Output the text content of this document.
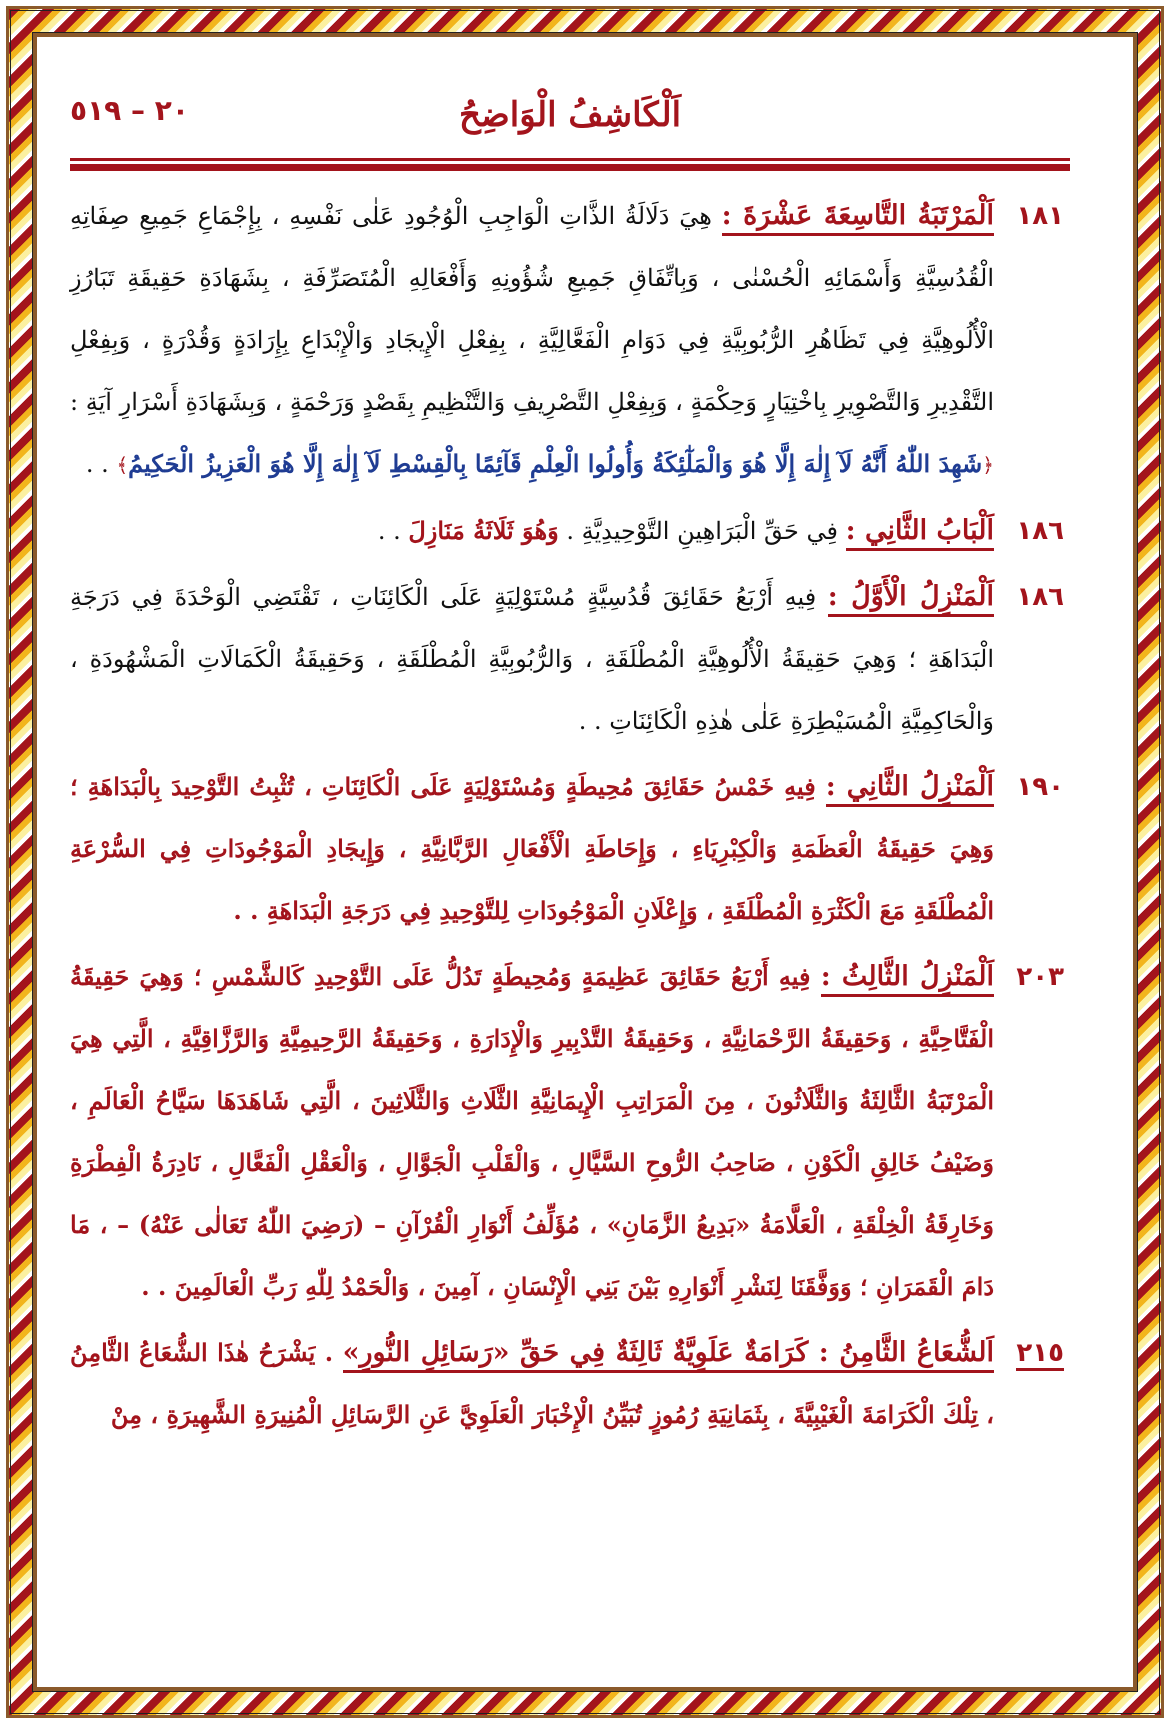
اَلْكَاشِفُ الْوَاضِحُ
٢٠ – ٥١٩
١٨١
اَلْمَرْتَبَةُ التَّاسِعَةَ عَشْرَةَ : هِيَ دَلَالَةُ الذَّاتِ الْوَاجِبِ الْوُجُودِ عَلٰى نَفْسِهِ ، بِإِجْمَاعِ جَمِيعِ صِفَاتِهِ الْقُدُسِيَّةِ وَأَسْمَائِهِ الْحُسْنٰى ، وَبِاتِّفَاقِ جَمِيعِ شُؤُونِهِ وَأَفْعَالِهِ الْمُتَصَرِّفَةِ ، بِشَهَادَةِ حَقِيقَةِ تَبَارُزِ الْأُلُوهِيَّةِ فِي تَظَاهُرِ الرُّبُوبِيَّةِ فِي دَوَامِ الْفَعَّالِيَّةِ ، بِفِعْلِ الْإِيجَادِ وَالْإِبْدَاعِ بِإِرَادَةٍ وَقُدْرَةٍ ، وَبِفِعْلِ التَّقْدِيرِ وَالتَّصْوِيرِ بِاخْتِيَارٍ وَحِكْمَةٍ ، وَبِفِعْلِ التَّصْرِيفِ وَالتَّنْظِيمِ بِقَصْدٍ وَرَحْمَةٍ ، وَبِشَهَادَةِ أَسْرَارِ آيَةِ : ﴿شَهِدَ اللّٰهُ أَنَّهُ لَآ إِلٰهَ إِلَّا هُوَ وَالْمَلٰٓئِكَةُ وَأُولُوا الْعِلْمِ قَآئِمًا بِالْقِسْطِ لَآ إِلٰهَ إِلَّا هُوَ الْعَزِيزُ الْحَكِيمُ﴾ . .
١٨٦
اَلْبَابُ الثَّانِي : فِي حَقِّ الْبَرَاهِينِ التَّوْحِيدِيَّةِ . وَهُوَ ثَلَاثَةُ مَنَازِلَ . .
١٨٦
اَلْمَنْزِلُ الْأَوَّلُ : فِيهِ أَرْبَعُ حَقَائِقَ قُدُسِيَّةٍ مُسْتَوْلِيَةٍ عَلَى الْكَائِنَاتِ ، تَقْتَضِي الْوَحْدَةَ فِي دَرَجَةِ الْبَدَاهَةِ ؛ وَهِيَ حَقِيقَةُ الْأُلُوهِيَّةِ الْمُطْلَقَةِ ، وَالرُّبُوبِيَّةِ الْمُطْلَقَةِ ، وَحَقِيقَةُ الْكَمَالَاتِ الْمَشْهُودَةِ ، وَالْحَاكِمِيَّةِ الْمُسَيْطِرَةِ عَلٰى هٰذِهِ الْكَائِنَاتِ . .
١٩٠
اَلْمَنْزِلُ الثَّانِي : فِيهِ خَمْسُ حَقَائِقَ مُحِيطَةٍ وَمُسْتَوْلِيَةٍ عَلَى الْكَائِنَاتِ ، تُثْبِتُ التَّوْحِيدَ بِالْبَدَاهَةِ ؛ وَهِيَ حَقِيقَةُ الْعَظَمَةِ وَالْكِبْرِيَاءِ ، وَإِحَاطَةِ الْأَفْعَالِ الرَّبَّانِيَّةِ ، وَإِيجَادِ الْمَوْجُودَاتِ فِي السُّرْعَةِ الْمُطْلَقَةِ مَعَ الْكَثْرَةِ الْمُطْلَقَةِ ، وَإِعْلَانِ الْمَوْجُودَاتِ لِلتَّوْحِيدِ فِي دَرَجَةِ الْبَدَاهَةِ . .
٢٠٣
اَلْمَنْزِلُ الثَّالِثُ : فِيهِ أَرْبَعُ حَقَائِقَ عَظِيمَةٍ وَمُحِيطَةٍ تَدُلُّ عَلَى التَّوْحِيدِ كَالشَّمْسِ ؛ وَهِيَ حَقِيقَةُ الْفَتَّاحِيَّةِ ، وَحَقِيقَةُ الرَّحْمَانِيَّةِ ، وَحَقِيقَةُ التَّدْبِيرِ وَالْإِدَارَةِ ، وَحَقِيقَةُ الرَّحِيمِيَّةِ وَالرَّزَّاقِيَّةِ ، الَّتِي هِيَ الْمَرْتَبَةُ الثَّالِثَةُ وَالثَّلَاثُونَ ، مِنَ الْمَرَاتِبِ الْإِيمَانِيَّةِ الثَّلَاثِ وَالثَّلَاثِينَ ، الَّتِي شَاهَدَهَا سَيَّاحُ الْعَالَمِ ، وَضَيْفُ خَالِقِ الْكَوْنِ ، صَاحِبُ الرُّوحِ السَّيَّالِ ، وَالْقَلْبِ الْجَوَّالِ ، وَالْعَقْلِ الْفَعَّالِ ، نَادِرَةُ الْفِطْرَةِ وَخَارِقَةُ الْخِلْقَةِ ، الْعَلَّامَةُ «بَدِيعُ الزَّمَانِ» ، مُؤَلِّفُ أَنْوَارِ الْقُرْآنِ – (رَضِيَ اللّٰهُ تَعَالٰى عَنْهُ) – ، مَا دَامَ الْقَمَرَانِ ؛ وَوَفَّقَنَا لِنَشْرِ أَنْوَارِهِ بَيْنَ بَنِي الْإِنْسَانِ ، آمِينَ ، وَالْحَمْدُ لِلّٰهِ رَبِّ الْعَالَمِينَ . .
٢١٥
اَلشُّعَاعُ الثَّامِنُ : كَرَامَةٌ عَلَوِيَّةٌ ثَالِثَةٌ فِي حَقِّ «رَسَائِلِ النُّورِ» . يَشْرَحُ هٰذَا الشُّعَاعُ الثَّامِنُ ، تِلْكَ الْكَرَامَةَ الْغَيْبِيَّةَ ، بِثَمَانِيَةِ رُمُوزٍ تُبَيِّنُ الْإِخْبَارَ الْعَلَوِيَّ عَنِ الرَّسَائِلِ الْمُنِيرَةِ الشَّهِيرَةِ ، مِنْ
